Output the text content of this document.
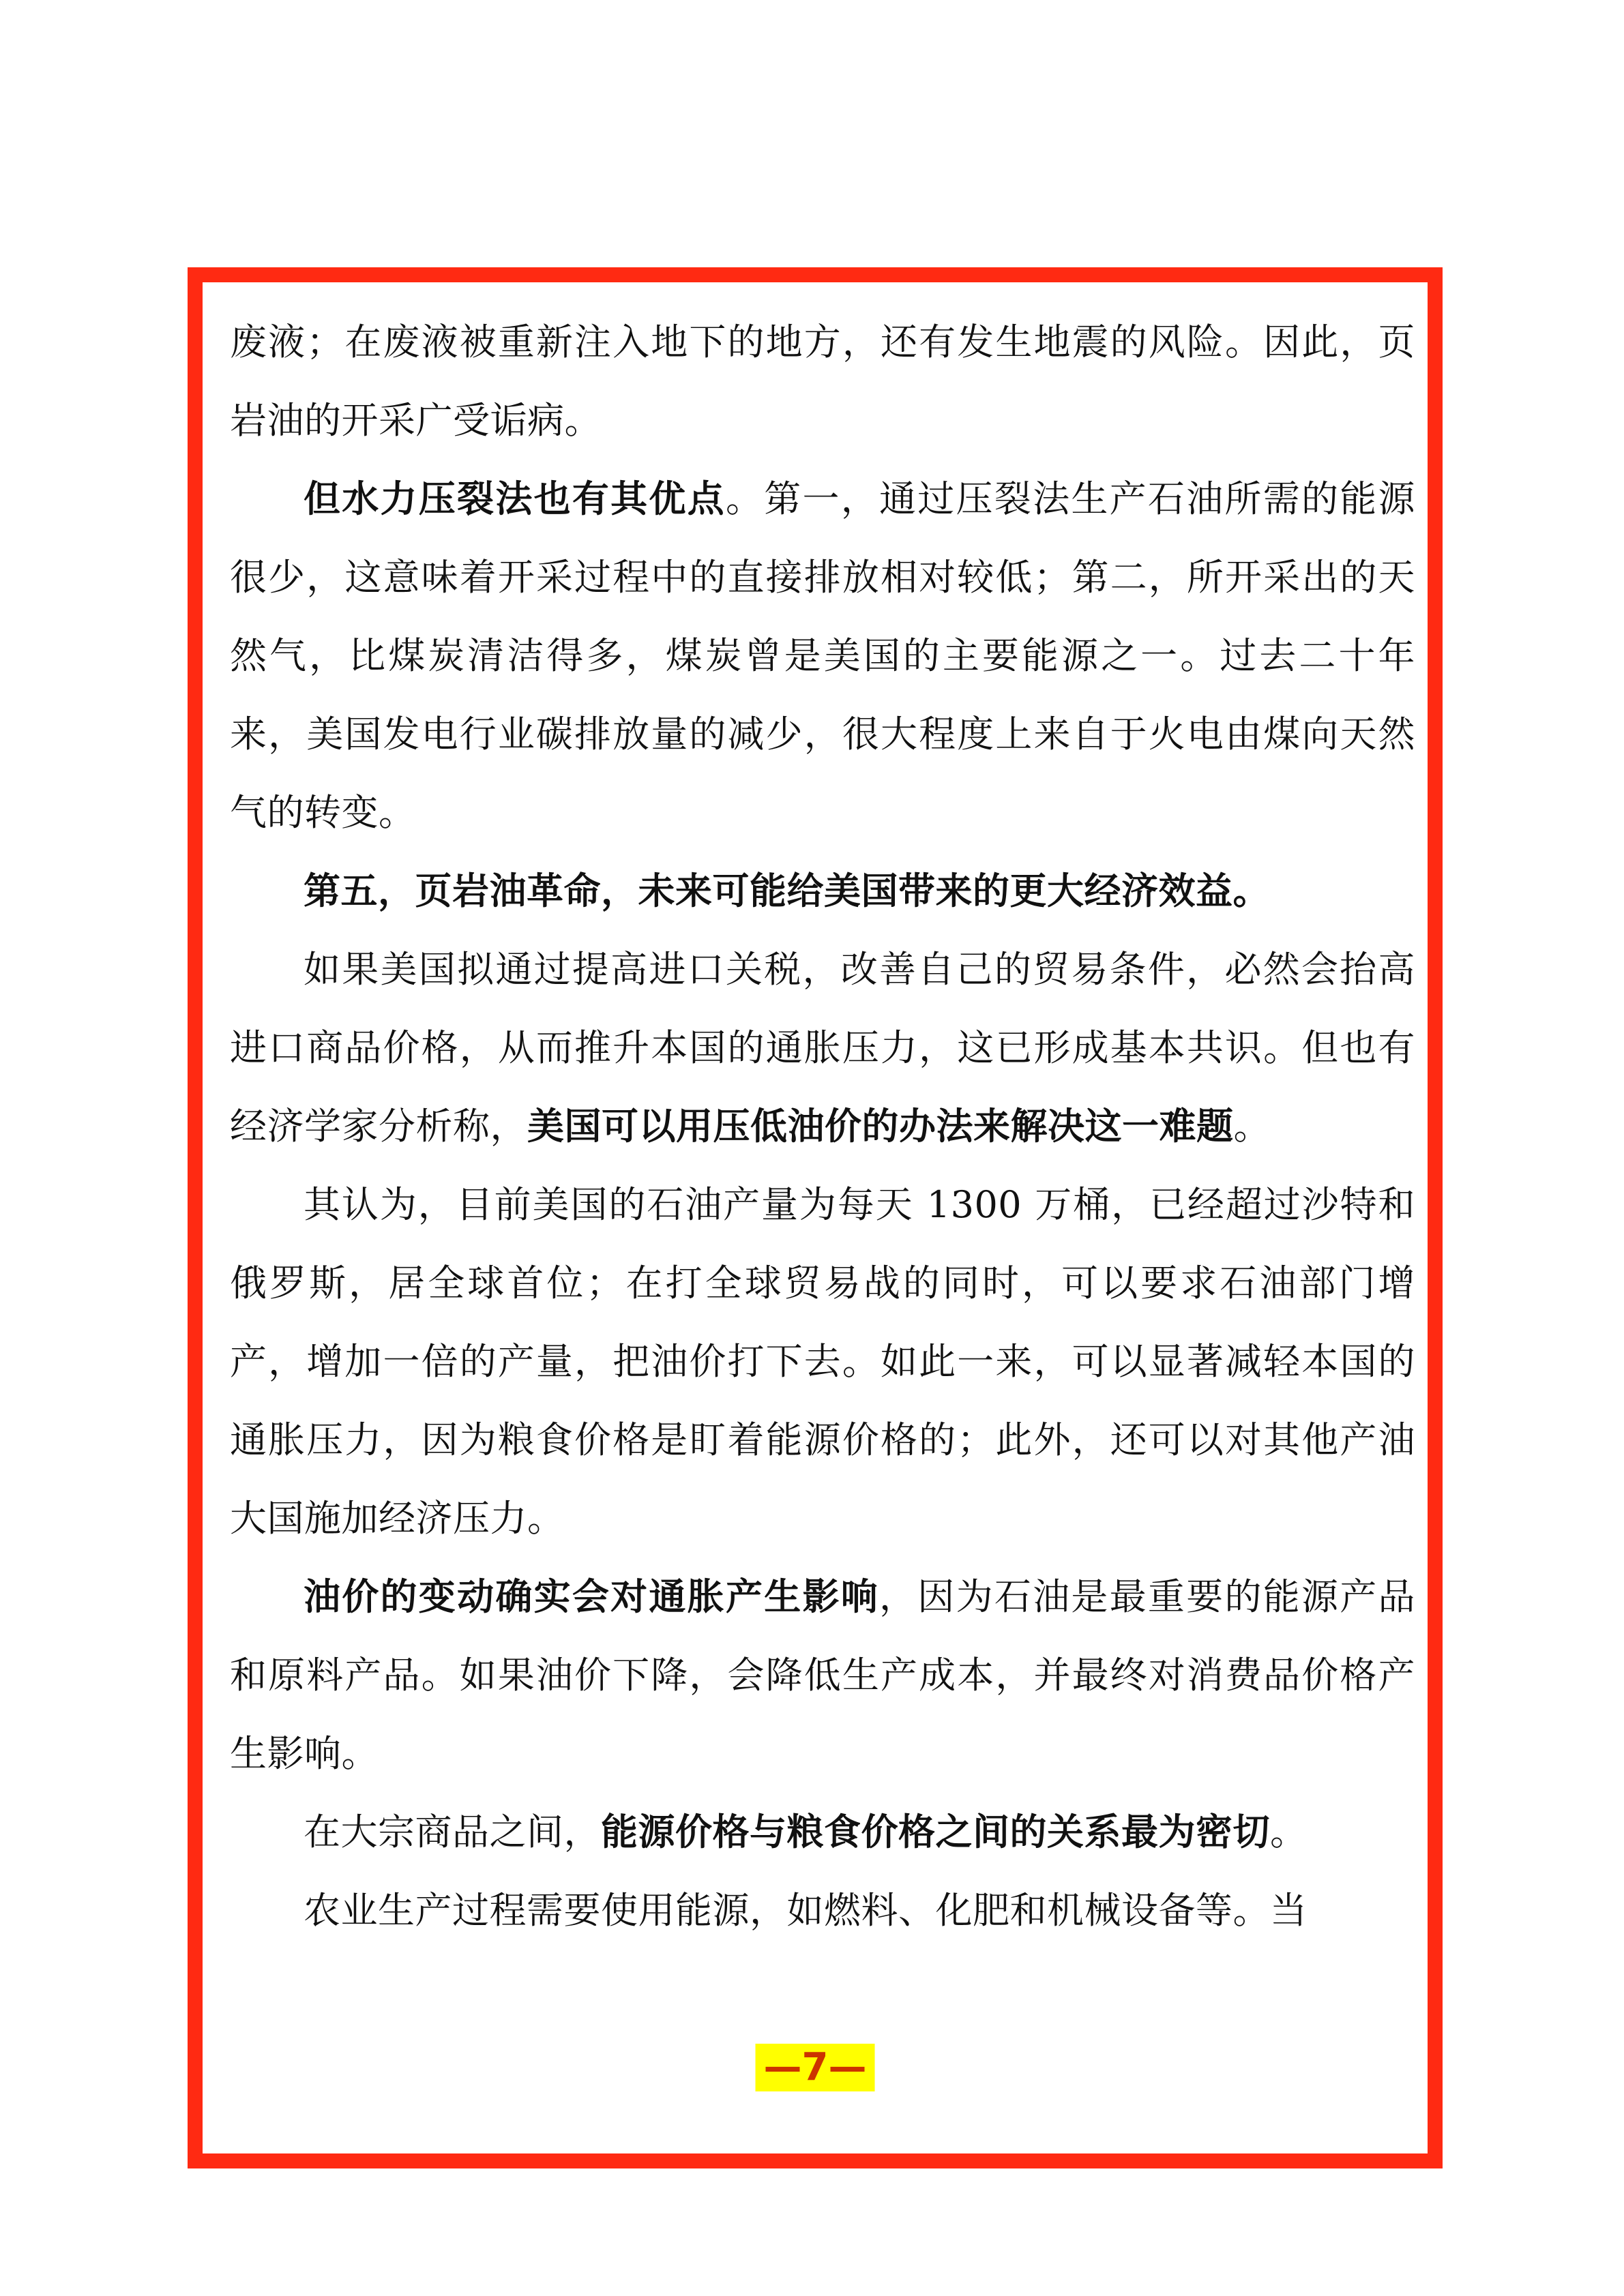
废液；在废液被重新注入地下的地方，还有发生地震的风险。因此，页岩油的开采广受诟病。

但水力压裂法也有其优点。第一，通过压裂法生产石油所需的能源很少，这意味着开采过程中的直接排放相对较低；第二，所开采出的天然气，比煤炭清洁得多，煤炭曾是美国的主要能源之一。过去二十年来，美国发电行业碳排放量的减少，很大程度上来自于火电由煤向天然气的转变。

第五，页岩油革命，未来可能给美国带来的更大经济效益。

如果美国拟通过提高进口关税，改善自己的贸易条件，必然会抬高进口商品价格，从而推升本国的通胀压力，这已形成基本共识。但也有经济学家分析称，美国可以用压低油价的办法来解决这一难题。

其认为，目前美国的石油产量为每天 1300 万桶，已经超过沙特和俄罗斯，居全球首位；在打全球贸易战的同时，可以要求石油部门增产，增加一倍的产量，把油价打下去。如此一来，可以显著减轻本国的通胀压力，因为粮食价格是盯着能源价格的；此外，还可以对其他产油大国施加经济压力。

油价的变动确实会对通胀产生影响，因为石油是最重要的能源产品和原料产品。如果油价下降，会降低生产成本，并最终对消费品价格产生影响。

在大宗商品之间，能源价格与粮食价格之间的关系最为密切。

农业生产过程需要使用能源，如燃料、化肥和机械设备等。当

—7—
